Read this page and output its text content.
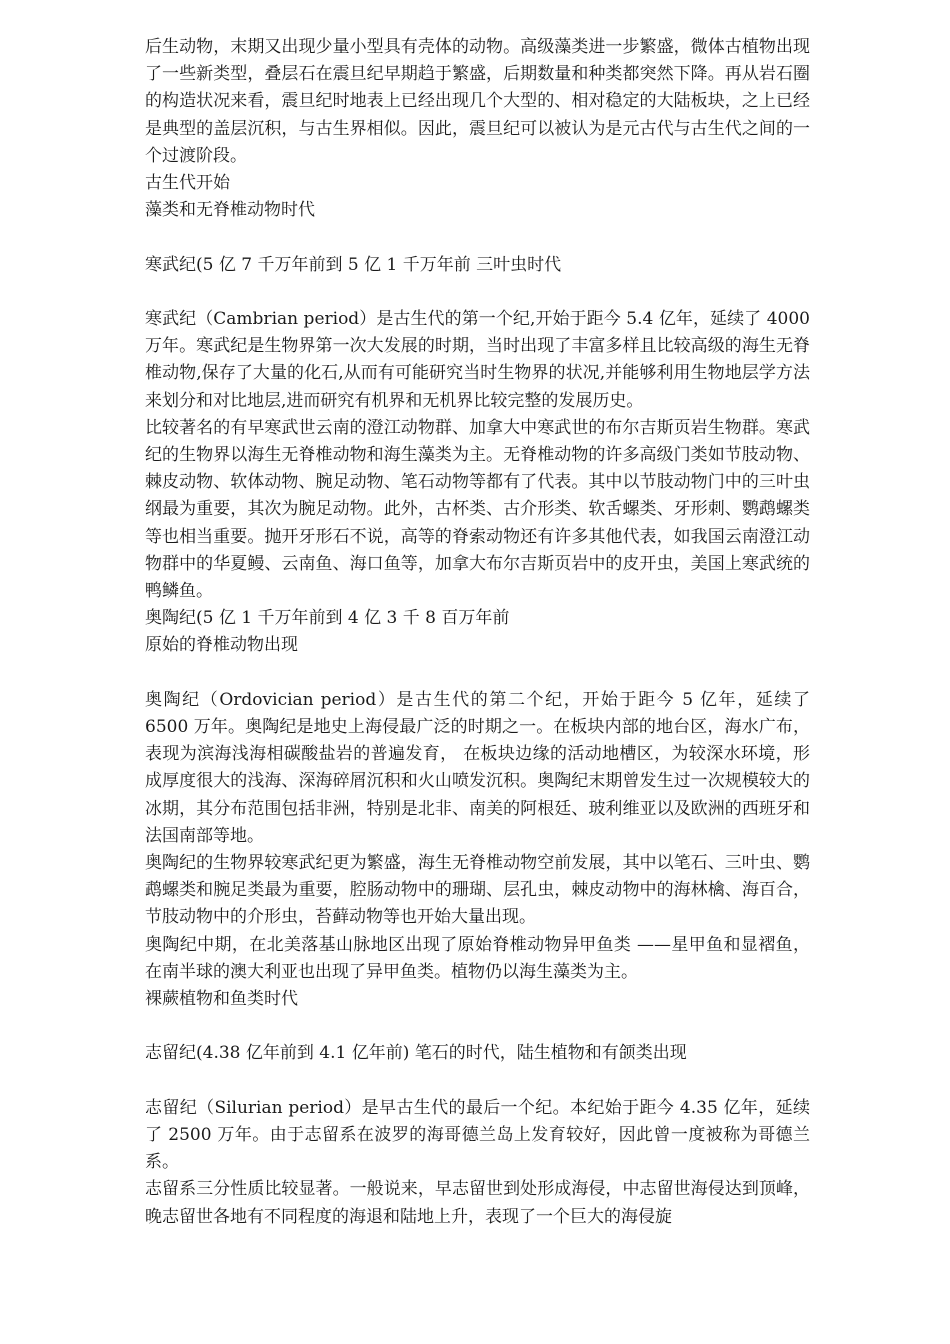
后生动物，末期又出现少量小型具有壳体的动物。高级藻类进一步繁盛，微体古植物出现了一些新类型，叠层石在震旦纪早期趋于繁盛，后期数量和种类都突然下降。再从岩石圈的构造状况来看，震旦纪时地表上已经出现几个大型的、相对稳定的大陆板块，之上已经是典型的盖层沉积，与古生界相似。因此，震旦纪可以被认为是元古代与古生代之间的一个过渡阶段。

古生代开始

藻类和无脊椎动物时代

寒武纪(5 亿 7 千万年前到 5 亿 1 千万年前 三叶虫时代

寒武纪（Cambrian period）是古生代的第一个纪,开始于距今 5.4 亿年，延续了 4000 万年。寒武纪是生物界第一次大发展的时期，当时出现了丰富多样且比较高级的海生无脊椎动物,保存了大量的化石,从而有可能研究当时生物界的状况,并能够利用生物地层学方法来划分和对比地层,进而研究有机界和无机界比较完整的发展历史。

比较著名的有早寒武世云南的澄江动物群、加拿大中寒武世的布尔吉斯页岩生物群。寒武纪的生物界以海生无脊椎动物和海生藻类为主。无脊椎动物的许多高级门类如节肢动物、棘皮动物、软体动物、腕足动物、笔石动物等都有了代表。其中以节肢动物门中的三叶虫纲最为重要，其次为腕足动物。此外，古杯类、古介形类、软舌螺类、牙形刺、鹦鹉螺类等也相当重要。抛开牙形石不说，高等的脊索动物还有许多其他代表，如我国云南澄江动物群中的华夏鳗、云南鱼、海口鱼等，加拿大布尔吉斯页岩中的皮开虫，美国上寒武统的鸭鳞鱼。

奥陶纪(5 亿 1 千万年前到 4 亿 3 千 8 百万年前

原始的脊椎动物出现

奥陶纪（Ordovician period）是古生代的第二个纪，开始于距今 5 亿年，延续了 6500 万年。奥陶纪是地史上海侵最广泛的时期之一。在板块内部的地台区，海水广布，表现为滨海浅海相碳酸盐岩的普遍发育， 在板块边缘的活动地槽区，为较深水环境，形成厚度很大的浅海、深海碎屑沉积和火山喷发沉积。奥陶纪末期曾发生过一次规模较大的冰期，其分布范围包括非洲，特别是北非、南美的阿根廷、玻利维亚以及欧洲的西班牙和法国南部等地。

奥陶纪的生物界较寒武纪更为繁盛，海生无脊椎动物空前发展，其中以笔石、三叶虫、鹦鹉螺类和腕足类最为重要，腔肠动物中的珊瑚、层孔虫，棘皮动物中的海林檎、海百合，节肢动物中的介形虫，苔藓动物等也开始大量出现。

奥陶纪中期，在北美落基山脉地区出现了原始脊椎动物异甲鱼类 ——星甲鱼和显褶鱼，在南半球的澳大利亚也出现了异甲鱼类。植物仍以海生藻类为主。

裸蕨植物和鱼类时代

志留纪(4.38 亿年前到 4.1 亿年前) 笔石的时代，陆生植物和有颌类出现

志留纪（Silurian period）是早古生代的最后一个纪。本纪始于距今 4.35 亿年，延续了 2500 万年。由于志留系在波罗的海哥德兰岛上发育较好，因此曾一度被称为哥德兰系。

志留系三分性质比较显著。一般说来，早志留世到处形成海侵，中志留世海侵达到顶峰，晚志留世各地有不同程度的海退和陆地上升，表现了一个巨大的海侵旋
